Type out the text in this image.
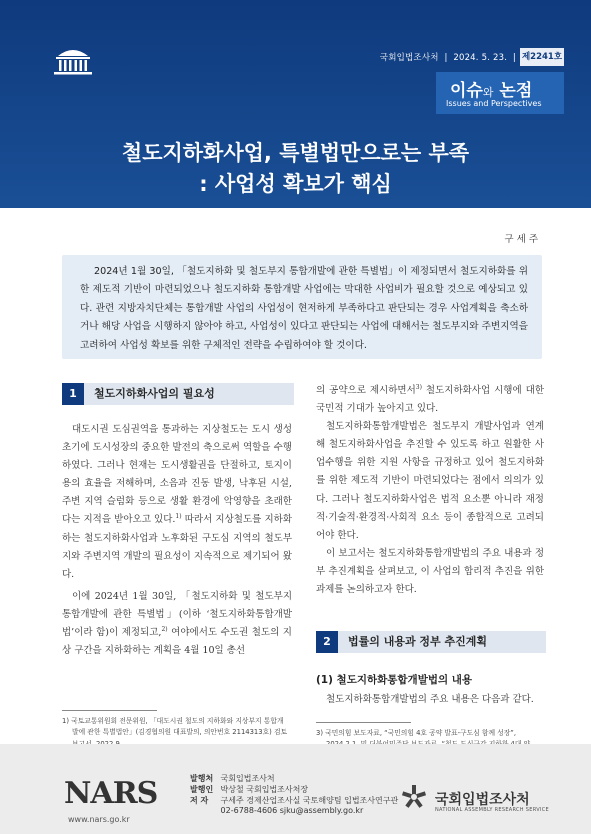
국회입법조사처  |  2024. 5. 23.  | 제2241호
이슈와 논점
Issues and Perspectives
철도지하화사업, 특별법만으로는 부족
: 사업성 확보가 핵심
구 세 주

2024년 1월 30일, 「철도지하화 및 철도부지 통합개발에 관한 특별법」이 제정되면서 철도지하화를 위한 제도적 기반이 마련되었으나 철도지하화 통합개발 사업에는 막대한 사업비가 필요할 것으로 예상되고 있다. 관련 지방자치단체는 통합개발 사업의 사업성이 현저하게 부족하다고 판단되는 경우 사업계획을 축소하거나 해당 사업을 시행하지 않아야 하고, 사업성이 있다고 판단되는 사업에 대해서는 철도부지와 주변지역을 고려하여 사업성 확보를 위한 구체적인 전략을 수립하여야 할 것이다.

1	철도지하화사업의 필요성

대도시권 도심권역을 통과하는 지상철도는 도시 생성초기에 도시성장의 중요한 발전의 축으로써 역할을 수행하였다. 그러나 현재는 도시생활권을 단절하고, 토지이용의 효율을 저해하며, 소음과 진동 발생, 낙후된 시설, 주변 지역 슬럼화 등으로 생활 환경에 악영향을 초래한다는 지적을 받아오고 있다.$^{1)}$ 따라서 지상철도를 지하화하는 철도지하화사업과 노후화된 구도심 지역의 철도부지와 주변지역 개발의 필요성이 지속적으로 제기되어 왔다.

이에 2024년 1월 30일, 「철도지하화 및 철도부지 통합개발에 관한 특별법」(이하 ‘철도지하화통합개발법’이라 함)이 제정되고,$^{2)}$ 여야에서도 수도권 철도의 지상 구간을 지하화하는 계획을 4월 10일 총선

의 공약으로 제시하면서$^{3)}$ 철도지하화사업 시행에 대한 국민적 기대가 높아지고 있다.

철도지하화통합개발법은 철도부지 개발사업과 연계해 철도지하화사업을 추진할 수 있도록 하고 원활한 사업수행을 위한 지원 사항을 규정하고 있어 철도지하화를 위한 제도적 기반이 마련되었다는 점에서 의의가 있다. 그러나 철도지하화사업은 법적 요소뿐 아니라 재정적·기술적·환경적·사회적 요소 등이 종합적으로 고려되어야 한다.

이 보고서는 철도지하화통합개발법의 주요 내용과 정부 추진계획을 살펴보고, 이 사업의 합리적 추진을 위한 과제를 논의하고자 한다.

2	법률의 내용과 정부 추진계획
(1) 철도지하화통합개발법의 내용

철도지하화통합개발법의 주요 내용은 다음과 같다.

1) 국토교통위원회 전문위원, 「대도시권 철도의 지하화와 지상부지 통합개
발에 관한 특별법안」(김경협의원 대표발의, 의안번호 2114313호) 검토	3) 국민의힘 보도자료, “국민의힘 4호 공약 발표-구도심 함께 성장”,
NARS
www.nars.go.kr
발행처 국회입법조사처
발행인 박상철 국회입법조사처장
저 자 구세주 경제산업조사실 국토해양팀 입법조사연구관
02-6788-4606 sjku@assembly.go.kr
국회입법조사처
NATIONAL ASSEMBLY RESEARCH SERVICE
